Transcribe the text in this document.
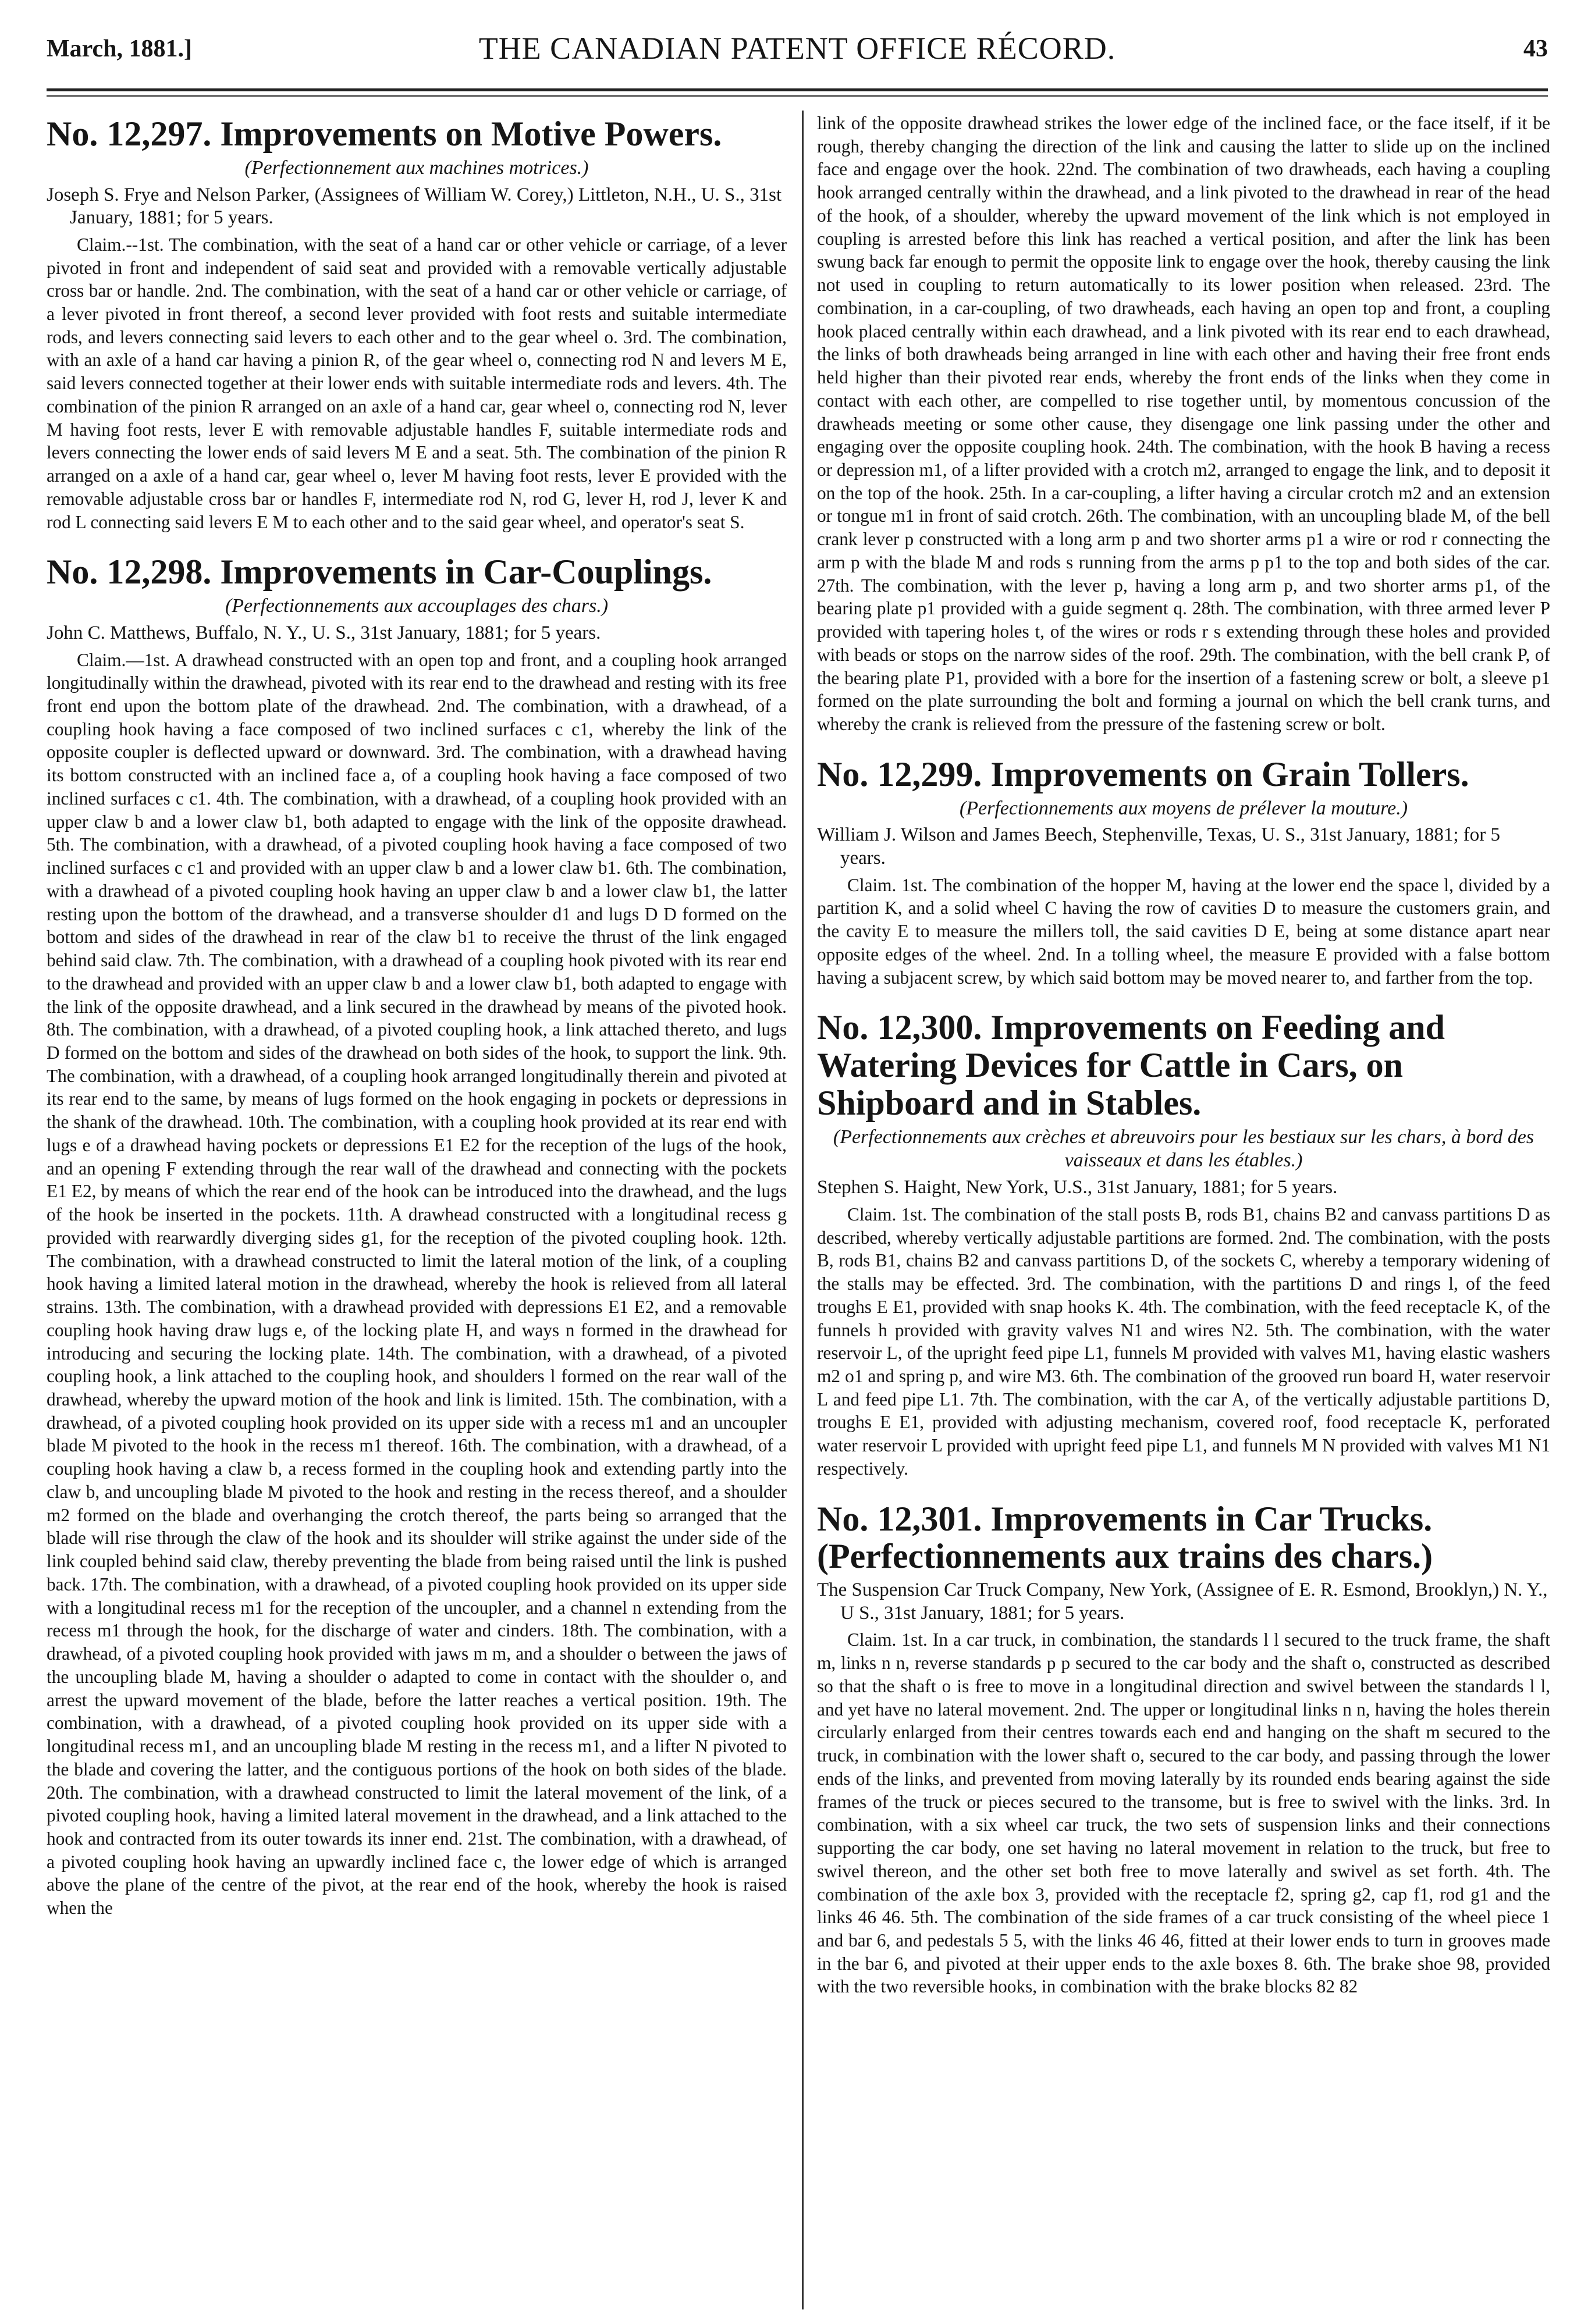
March, 1881.]	THE CANADIAN PATENT OFFICE RÉCORD.	43
No. 12,297. Improvements on Motive Powers.
(Perfectionnement aux machines motrices.)
Joseph S. Frye and Nelson Parker, (Assignees of William W. Corey,) Littleton, N.H., U. S., 31st January, 1881; for 5 years.

Claim.--1st. The combination, with the seat of a hand car or other vehicle or carriage, of a lever pivoted in front and independent of said seat and provided with a removable vertically adjustable cross bar or handle. 2nd. The combination, with the seat of a hand car or other vehicle or carriage, of a lever pivoted in front thereof, a second lever provided with foot rests and suitable intermediate rods, and levers connecting said levers to each other and to the gear wheel o. 3rd. The combination, with an axle of a hand car having a pinion R, of the gear wheel o, connecting rod N and levers M E, said levers connected together at their lower ends with suitable intermediate rods and levers. 4th. The combination of the pinion R arranged on an axle of a hand car, gear wheel o, connecting rod N, lever M having foot rests, lever E with removable adjustable handles F, suitable intermediate rods and levers connecting the lower ends of said levers M E and a seat. 5th. The combination of the pinion R arranged on a axle of a hand car, gear wheel o, lever M having foot rests, lever E provided with the removable adjustable cross bar or handles F, intermediate rod N, rod G, lever H, rod J, lever K and rod L connecting said levers E M to each other and to the said gear wheel, and operator's seat S.

No. 12,298. Improvements in Car-Couplings.
(Perfectionnements aux accouplages des chars.)
John C. Matthews, Buffalo, N. Y., U. S., 31st January, 1881; for 5 years.

Claim.—1st. A drawhead constructed with an open top and front, and a coupling hook arranged longitudinally within the drawhead, pivoted with its rear end to the drawhead and resting with its free front end upon the bottom plate of the drawhead. 2nd. The combination, with a drawhead, of a coupling hook having a face composed of two inclined surfaces c c1, whereby the link of the opposite coupler is deflected upward or downward. 3rd. The combination, with a drawhead having its bottom constructed with an inclined face a, of a coupling hook having a face composed of two inclined surfaces c c1. 4th. The combination, with a drawhead, of a coupling hook provided with an upper claw b and a lower claw b1, both adapted to engage with the link of the opposite drawhead. 5th. The combination, with a drawhead, of a pivoted coupling hook having a face composed of two inclined surfaces c c1 and provided with an upper claw b and a lower claw b1. 6th. The combination, with a drawhead of a pivoted coupling hook having an upper claw b and a lower claw b1, the latter resting upon the bottom of the drawhead, and a transverse shoulder d1 and lugs D D formed on the bottom and sides of the drawhead in rear of the claw b1 to receive the thrust of the link engaged behind said claw. 7th. The combination, with a drawhead of a coupling hook pivoted with its rear end to the drawhead and provided with an upper claw b and a lower claw b1, both adapted to engage with the link of the opposite drawhead, and a link secured in the drawhead by means of the pivoted hook. 8th. The combination, with a drawhead, of a pivoted coupling hook, a link attached thereto, and lugs D formed on the bottom and sides of the drawhead on both sides of the hook, to support the link. 9th. The combination, with a drawhead, of a coupling hook arranged longitudinally therein and pivoted at its rear end to the same, by means of lugs formed on the hook engaging in pockets or depressions in the shank of the drawhead. 10th. The combination, with a coupling hook provided at its rear end with lugs e of a drawhead having pockets or depressions E1 E2 for the reception of the lugs of the hook, and an opening F extending through the rear wall of the drawhead and connecting with the pockets E1 E2, by means of which the rear end of the hook can be introduced into the drawhead, and the lugs of the hook be inserted in the pockets. 11th. A drawhead constructed with a longitudinal recess g provided with rearwardly diverging sides g1, for the reception of the pivoted coupling hook. 12th. The combination, with a drawhead constructed to limit the lateral motion of the link, of a coupling hook having a limited lateral motion in the drawhead, whereby the hook is relieved from all lateral strains. 13th. The combination, with a drawhead provided with depressions E1 E2, and a removable coupling hook having draw lugs e, of the locking plate H, and ways n formed in the drawhead for introducing and securing the locking plate. 14th. The combination, with a drawhead, of a pivoted coupling hook, a link attached to the coupling hook, and shoulders l formed on the rear wall of the drawhead, whereby the upward motion of the hook and link is limited. 15th. The combination, with a drawhead, of a pivoted coupling hook provided on its upper side with a recess m1 and an uncoupler blade M pivoted to the hook in the recess m1 thereof. 16th. The combination, with a drawhead, of a coupling hook having a claw b, a recess formed in the coupling hook and extending partly into the claw b, and uncoupling blade M pivoted to the hook and resting in the recess thereof, and a shoulder m2 formed on the blade and overhanging the crotch thereof, the parts being so arranged that the blade will rise through the claw of the hook and its shoulder will strike against the under side of the link coupled behind said claw, thereby preventing the blade from being raised until the link is pushed back. 17th. The combination, with a drawhead, of a pivoted coupling hook provided on its upper side with a longitudinal recess m1 for the reception of the uncoupler, and a channel n extending from the recess m1 through the hook, for the discharge of water and cinders. 18th. The combination, with a drawhead, of a pivoted coupling hook provided with jaws m m, and a shoulder o between the jaws of the uncoupling blade M, having a shoulder o adapted to come in contact with the shoulder o, and arrest the upward movement of the blade, before the latter reaches a vertical position. 19th. The combination, with a drawhead, of a pivoted coupling hook provided on its upper side with a longitudinal recess m1, and an uncoupling blade M resting in the recess m1, and a lifter N pivoted to the blade and covering the latter, and the contiguous portions of the hook on both sides of the blade. 20th. The combination, with a drawhead constructed to limit the lateral movement of the link, of a pivoted coupling hook, having a limited lateral movement in the drawhead, and a link attached to the hook and contracted from its outer towards its inner end. 21st. The combination, with a drawhead, of a pivoted coupling hook having an upwardly inclined face c, the lower edge of which is arranged above the plane of the centre of the pivot, at the rear end of the hook, whereby the hook is raised when the

link of the opposite drawhead strikes the lower edge of the inclined face, or the face itself, if it be rough, thereby changing the direction of the link and causing the latter to slide up on the inclined face and engage over the hook. 22nd. The combination of two drawheads, each having a coupling hook arranged centrally within the drawhead, and a link pivoted to the drawhead in rear of the head of the hook, of a shoulder, whereby the upward movement of the link which is not employed in coupling is arrested before this link has reached a vertical position, and after the link has been swung back far enough to permit the opposite link to engage over the hook, thereby causing the link not used in coupling to return automatically to its lower position when released. 23rd. The combination, in a car-coupling, of two drawheads, each having an open top and front, a coupling hook placed centrally within each drawhead, and a link pivoted with its rear end to each drawhead, the links of both drawheads being arranged in line with each other and having their free front ends held higher than their pivoted rear ends, whereby the front ends of the links when they come in contact with each other, are compelled to rise together until, by momentous concussion of the drawheads meeting or some other cause, they disengage one link passing under the other and engaging over the opposite coupling hook. 24th. The combination, with the hook B having a recess or depression m1, of a lifter provided with a crotch m2, arranged to engage the link, and to deposit it on the top of the hook. 25th. In a car-coupling, a lifter having a circular crotch m2 and an extension or tongue m1 in front of said crotch. 26th. The combination, with an uncoupling blade M, of the bell crank lever p constructed with a long arm p and two shorter arms p1 a wire or rod r connecting the arm p with the blade M and rods s running from the arms p p1 to the top and both sides of the car. 27th. The combination, with the lever p, having a long arm p, and two shorter arms p1, of the bearing plate p1 provided with a guide segment q. 28th. The combination, with three armed lever P provided with tapering holes t, of the wires or rods r s extending through these holes and provided with beads or stops on the narrow sides of the roof. 29th. The combination, with the bell crank P, of the bearing plate P1, provided with a bore for the insertion of a fastening screw or bolt, a sleeve p1 formed on the plate surrounding the bolt and forming a journal on which the bell crank turns, and whereby the crank is relieved from the pressure of the fastening screw or bolt.

No. 12,299. Improvements on Grain Tollers.
(Perfectionnements aux moyens de prélever la mouture.)
William J. Wilson and James Beech, Stephenville, Texas, U. S., 31st January, 1881; for 5 years.

Claim. 1st. The combination of the hopper M, having at the lower end the space l, divided by a partition K, and a solid wheel C having the row of cavities D to measure the customers grain, and the cavity E to measure the millers toll, the said cavities D E, being at some distance apart near opposite edges of the wheel. 2nd. In a tolling wheel, the measure E provided with a false bottom having a subjacent screw, by which said bottom may be moved nearer to, and farther from the top.

No. 12,300. Improvements on Feeding and Watering Devices for Cattle in Cars, on Shipboard and in Stables.
(Perfectionnements aux crèches et abreuvoirs pour les bestiaux sur les chars, à bord des vaisseaux et dans les étables.)
Stephen S. Haight, New York, U.S., 31st January, 1881; for 5 years.

Claim. 1st. The combination of the stall posts B, rods B1, chains B2 and canvass partitions D as described, whereby vertically adjustable partitions are formed. 2nd. The combination, with the posts B, rods B1, chains B2 and canvass partitions D, of the sockets C, whereby a temporary widening of the stalls may be effected. 3rd. The combination, with the partitions D and rings l, of the feed troughs E E1, provided with snap hooks K. 4th. The combination, with the feed receptacle K, of the funnels h provided with gravity valves N1 and wires N2. 5th. The combination, with the water reservoir L, of the upright feed pipe L1, funnels M provided with valves M1, having elastic washers m2 o1 and spring p, and wire M3. 6th. The combination of the grooved run board H, water reservoir L and feed pipe L1. 7th. The combination, with the car A, of the vertically adjustable partitions D, troughs E E1, provided with adjusting mechanism, covered roof, food receptacle K, perforated water reservoir L provided with upright feed pipe L1, and funnels M N provided with valves M1 N1 respectively.

No. 12,301. Improvements in Car Trucks. (Perfectionnements aux trains des chars.)
The Suspension Car Truck Company, New York, (Assignee of E. R. Esmond, Brooklyn,) N. Y., U S., 31st January, 1881; for 5 years.

Claim. 1st. In a car truck, in combination, the standards l l secured to the truck frame, the shaft m, links n n, reverse standards p p secured to the car body and the shaft o, constructed as described so that the shaft o is free to move in a longitudinal direction and swivel between the standards l l, and yet have no lateral movement. 2nd. The upper or longitudinal links n n, having the holes therein circularly enlarged from their centres towards each end and hanging on the shaft m secured to the truck, in combination with the lower shaft o, secured to the car body, and passing through the lower ends of the links, and prevented from moving laterally by its rounded ends bearing against the side frames of the truck or pieces secured to the transome, but is free to swivel with the links. 3rd. In combination, with a six wheel car truck, the two sets of suspension links and their connections supporting the car body, one set having no lateral movement in relation to the truck, but free to swivel thereon, and the other set both free to move laterally and swivel as set forth. 4th. The combination of the axle box 3, provided with the receptacle f2, spring g2, cap f1, rod g1 and the links 46 46. 5th. The combination of the side frames of a car truck consisting of the wheel piece 1 and bar 6, and pedestals 5 5, with the links 46 46, fitted at their lower ends to turn in grooves made in the bar 6, and pivoted at their upper ends to the axle boxes 8. 6th. The brake shoe 98, provided with the two reversible hooks, in combination with the brake blocks 82 82
